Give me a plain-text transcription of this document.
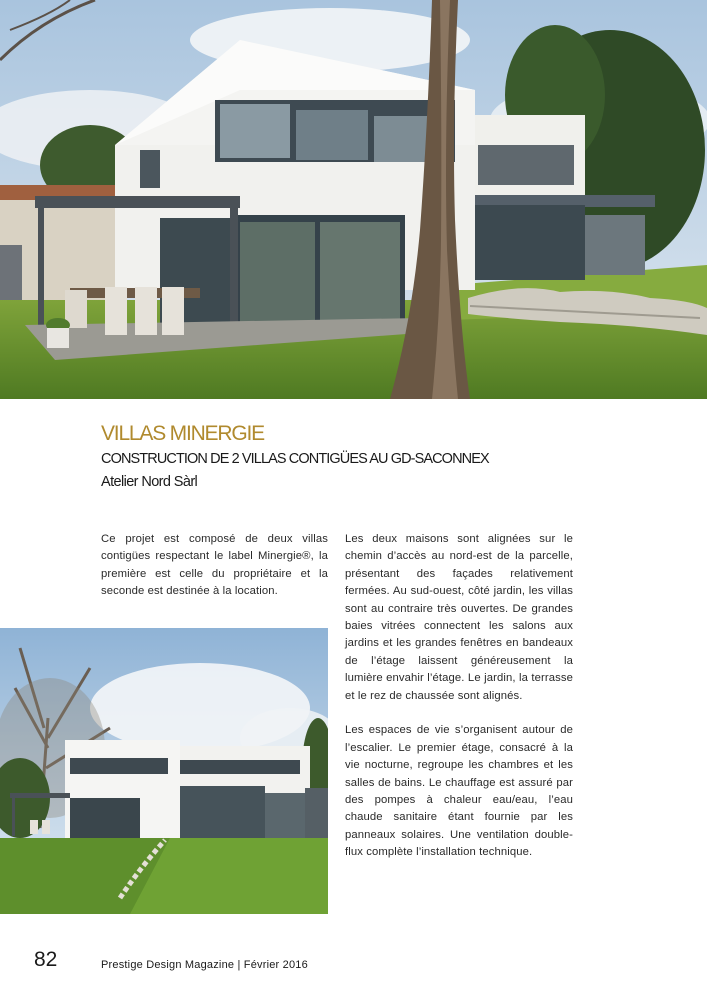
VILLAS MINERGIE
CONSTRUCTION DE 2 VILLAS CONTIGÜES AU GD-SACONNEX

Atelier Nord Sàrl

Ce projet est composé de deux villas contigües respectant le label Minergie®, la première est celle du propriétaire et la seconde est destinée à la location.

Les deux maisons sont alignées sur le chemin d’accès au nord-est de la parcelle, présentant des façades relativement fermées. Au sud-ouest, côté jardin, les villas sont au contraire très ouvertes. De grandes baies vitrées connectent les salons aux jardins et les grandes fenêtres en bandeaux de l’étage laissent généreusement la lumière envahir l’étage. Le jardin, la terrasse et le rez de chaussée sont alignés.

Les espaces de vie s’organisent autour de l’escalier. Le premier étage, consacré à la vie nocturne, regroupe les chambres et les salles de bains. Le chauffage est assuré par des pompes à chaleur eau/eau, l’eau chaude sanitaire étant fournie par les panneaux solaires. Une ventilation double-flux complète l’installation technique.

82	Prestige Design Magazine | Février 2016
